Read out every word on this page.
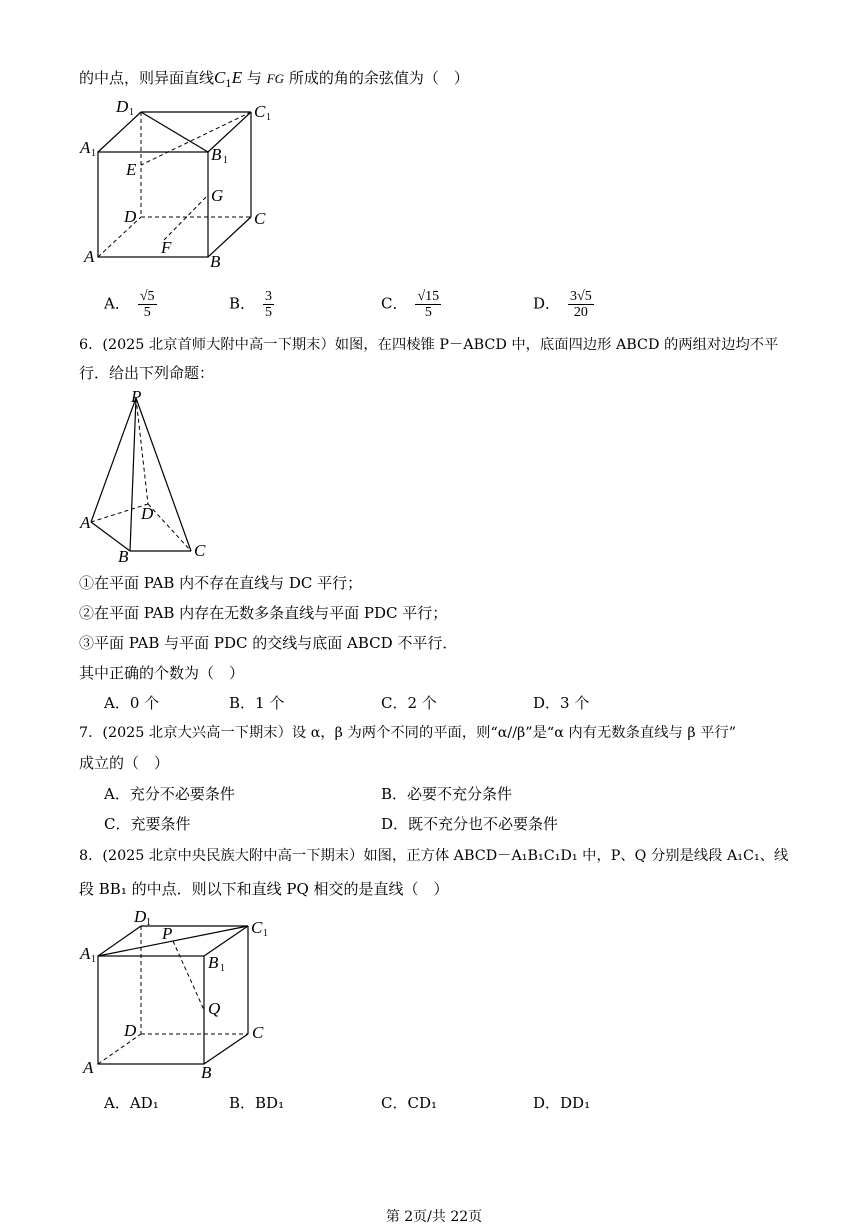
的中点，则异面直线$C_1E$ 与 FG 所成的角的余弦值为（　）
D 1	C 1
A 1	B 1
E
G
D	C
F
A	B
A． $\frac{√5}{5}$	B． $\frac{3}{5}$	C． $\frac{√15}{5}$	D． $\frac{3√5}{20}$
6．(2025 北京首师大附中高一下期末）如图，在四棱锥 P－ABCD 中，底面四边形 ABCD 的两组对边均不平
行．给出下列命题：
P
A	D
B	C
①在平面 PAB 内不存在直线与 DC 平行；
②在平面 PAB 内存在无数多条直线与平面 PDC 平行；
③平面 PAB 与平面 PDC 的交线与底面 ABCD 不平行．
其中正确的个数为（　）
A．0 个	B．1 个	C．2 个	D．3 个
7．(2025 北京大兴高一下期末）设 α，β 为两个不同的平面，则“α//β”是“α 内有无数条直线与 β 平行”
成立的（　）
A．充分不必要条件	B．必要不充分条件
C．充要条件	D．既不充分也不必要条件
8．(2025 北京中央民族大附中高一下期末）如图，正方体 ABCD－A₁B₁C₁D₁ 中，P、Q 分别是线段 A₁C₁、线
段 BB₁ 的中点．则以下和直线 PQ 相交的是直线（　）
D 1	C 1
A 1
P
B 1
Q
D	C
A	B
A．AD₁	B．BD₁	C．CD₁	D．DD₁
第 2页/共 22页
